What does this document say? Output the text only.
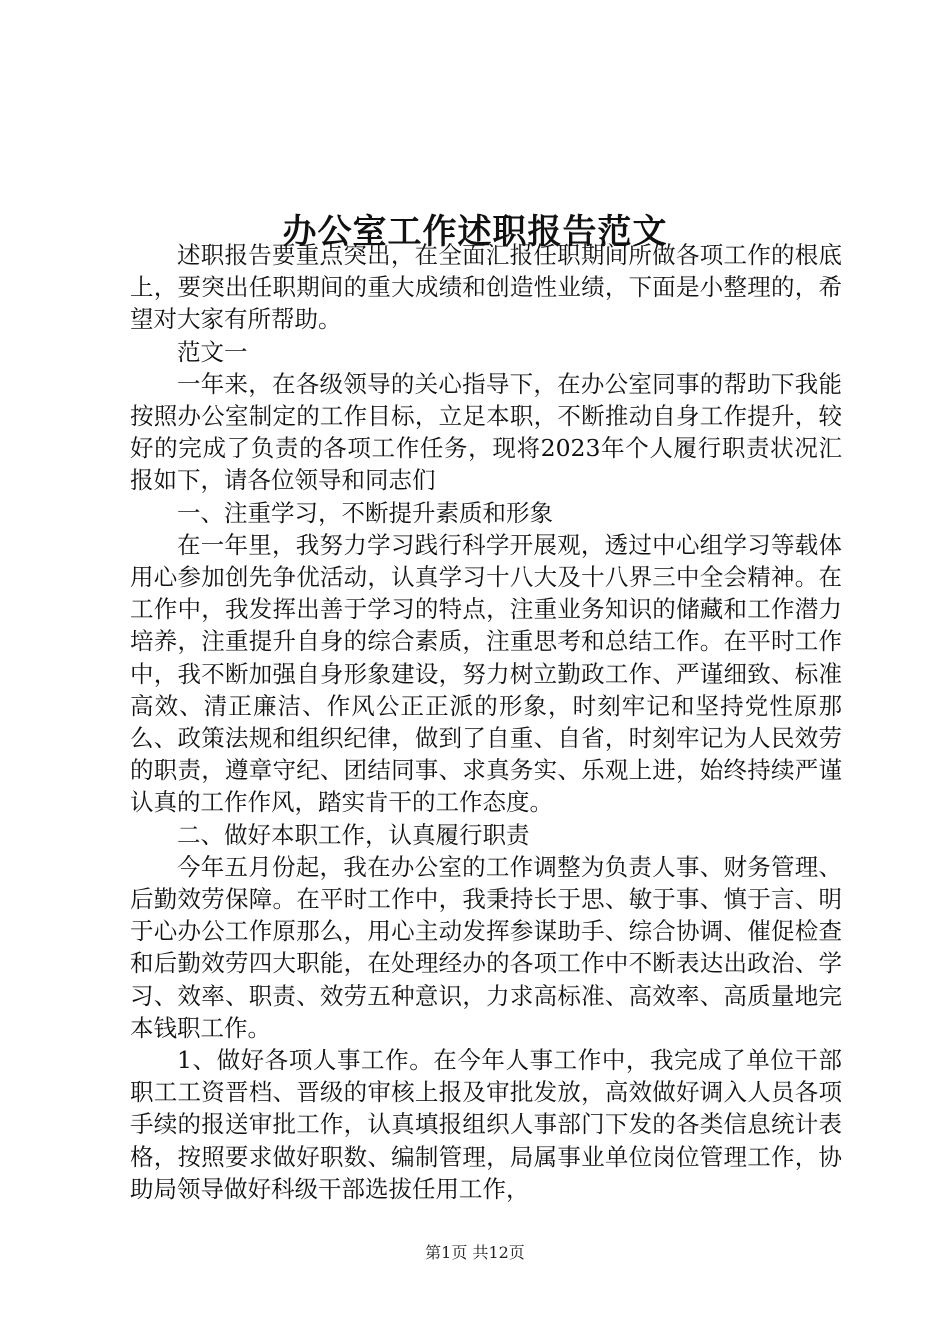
办公室工作述职报告范文

述职报告要重点突出，在全面汇报任职期间所做各项工作的根底上，要突出任职期间的重大成绩和创造性业绩，下面是小整理的，希望对大家有所帮助。

范文一

一年来，在各级领导的关心指导下，在办公室同事的帮助下我能按照办公室制定的工作目标，立足本职，不断推动自身工作提升，较好的完成了负责的各项工作任务，现将2023年个人履行职责状况汇报如下，请各位领导和同志们

一、注重学习，不断提升素质和形象

在一年里，我努力学习践行科学开展观，透过中心组学习等载体用心参加创先争优活动，认真学习十八大及十八界三中全会精神。在工作中，我发挥出善于学习的特点，注重业务知识的储藏和工作潜力培养，注重提升自身的综合素质，注重思考和总结工作。在平时工作中，我不断加强自身形象建设，努力树立勤政工作、严谨细致、标准高效、清正廉洁、作风公正正派的形象，时刻牢记和坚持党性原那么、政策法规和组织纪律，做到了自重、自省，时刻牢记为人民效劳的职责，遵章守纪、团结同事、求真务实、乐观上进，始终持续严谨认真的工作作风，踏实肯干的工作态度。

二、做好本职工作，认真履行职责

今年五月份起，我在办公室的工作调整为负责人事、财务管理、后勤效劳保障。在平时工作中，我秉持长于思、敏于事、慎于言、明于心办公工作原那么，用心主动发挥参谋助手、综合协调、催促检查和后勤效劳四大职能，在处理经办的各项工作中不断表达出政治、学习、效率、职责、效劳五种意识，力求高标准、高效率、高质量地完本钱职工作。

1、做好各项人事工作。在今年人事工作中，我完成了单位干部职工工资晋档、晋级的审核上报及审批发放，高效做好调入人员各项手续的报送审批工作，认真填报组织人事部门下发的各类信息统计表格，按照要求做好职数、编制管理，局属事业单位岗位管理工作，协助局领导做好科级干部选拔任用工作，

第1页 共12页
